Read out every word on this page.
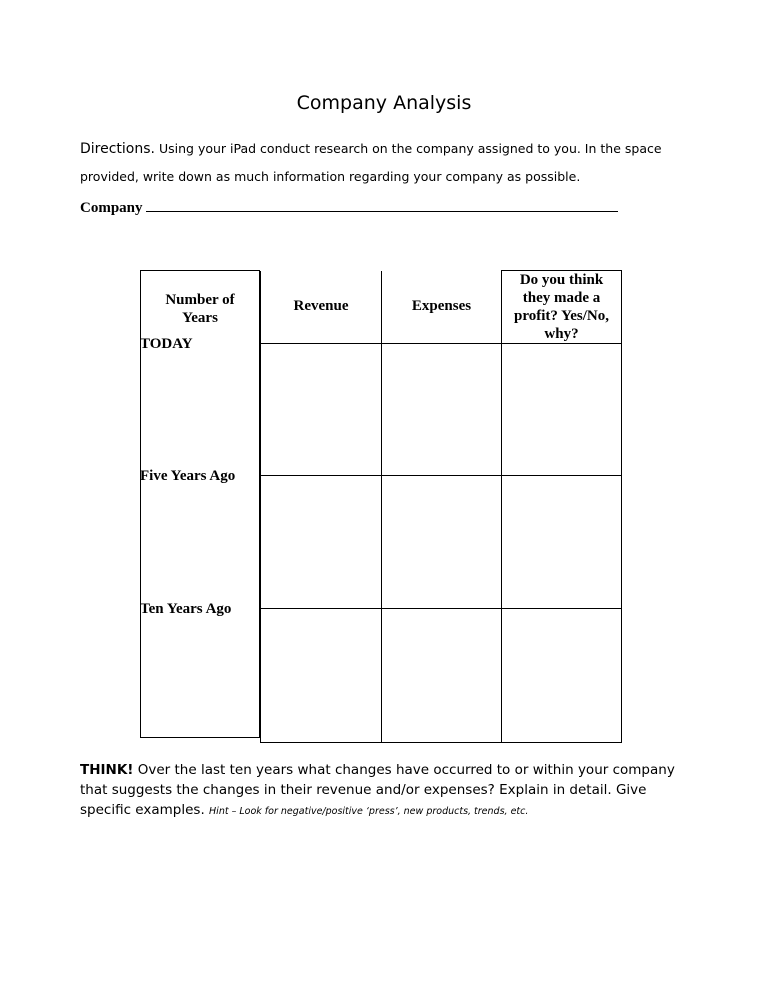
Company Analysis
Directions. Using your iPad conduct research on the company assigned to you. In the space provided, write down as much information regarding your company as possible.
Company
Number of Years	Revenue	Expenses	Do you think they made a profit? Yes/No, why?

TODAY			

Five Years Ago			

Ten Years Ago			

THINK! Over the last ten years what changes have occurred to or within your company that suggests the changes in their revenue and/or expenses? Explain in detail. Give specific examples. Hint – Look for negative/positive ‘press’, new products, trends, etc.
